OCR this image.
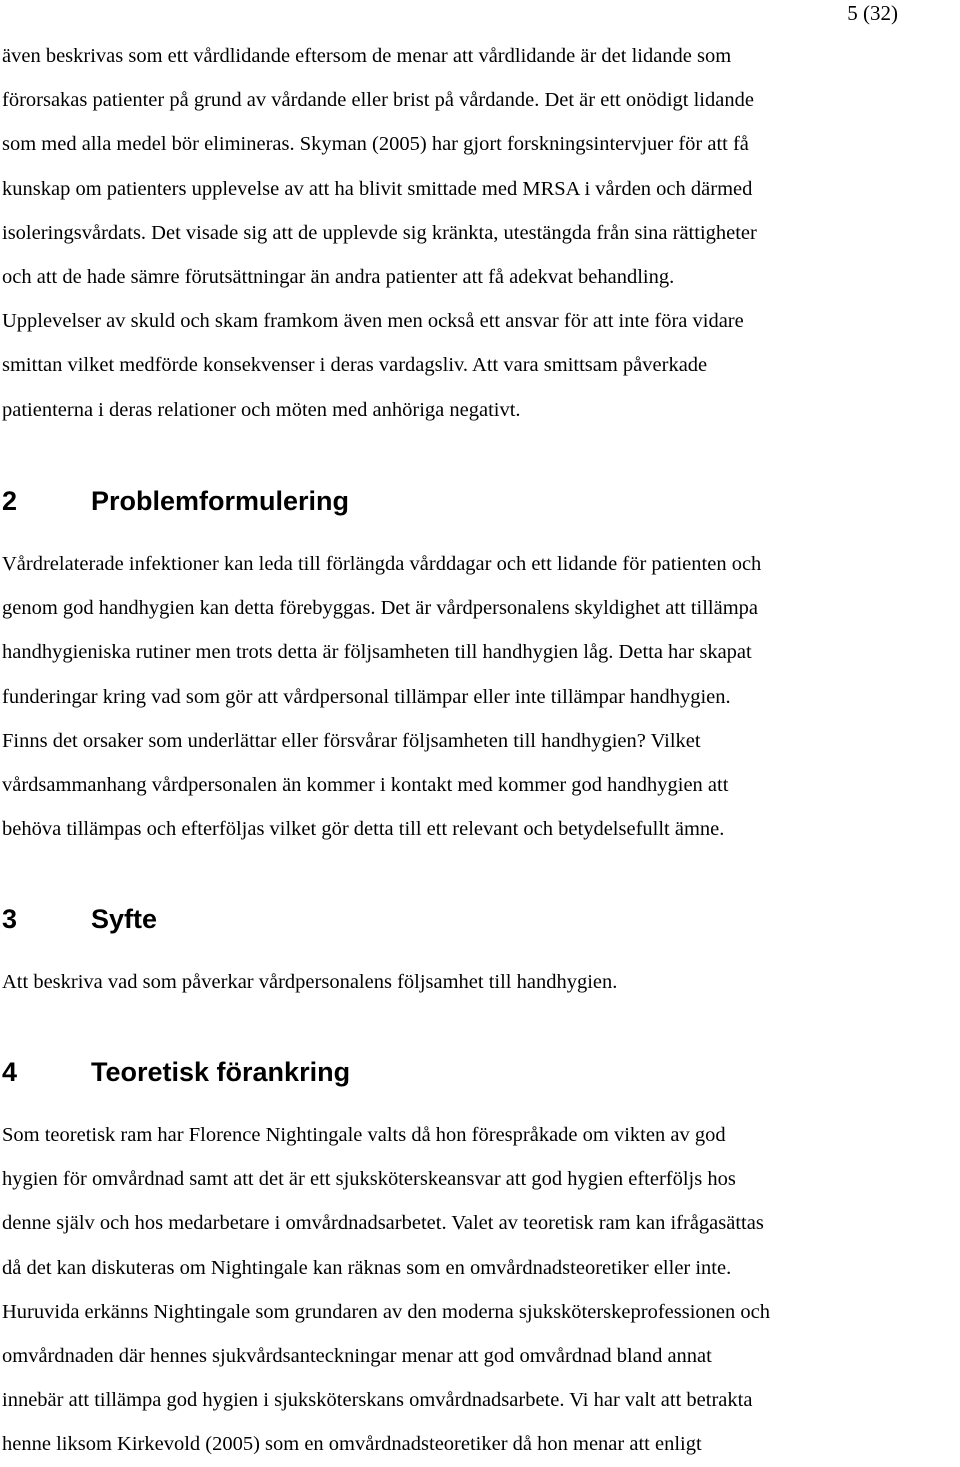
5 (32)

även beskrivas som ett vårdlidande eftersom de menar att vårdlidande är det lidande som
förorsakas patienter på grund av vårdande eller brist på vårdande. Det är ett onödigt lidande
som med alla medel bör elimineras. Skyman (2005) har gjort forskningsintervjuer för att få
kunskap om patienters upplevelse av att ha blivit smittade med MRSA i vården och därmed
isoleringsvårdats. Det visade sig att de upplevde sig kränkta, utestängda från sina rättigheter
och att de hade sämre förutsättningar än andra patienter att få adekvat behandling.
Upplevelser av skuld och skam framkom även men också ett ansvar för att inte föra vidare
smittan vilket medförde konsekvenser i deras vardagsliv. Att vara smittsam påverkade
patienterna i deras relationer och möten med anhöriga negativt.

2	Problemformulering

Vårdrelaterade infektioner kan leda till förlängda vårddagar och ett lidande för patienten och
genom god handhygien kan detta förebyggas. Det är vårdpersonalens skyldighet att tillämpa
handhygieniska rutiner men trots detta är följsamheten till handhygien låg. Detta har skapat
funderingar kring vad som gör att vårdpersonal tillämpar eller inte tillämpar handhygien.
Finns det orsaker som underlättar eller försvårar följsamheten till handhygien? Vilket
vårdsammanhang vårdpersonalen än kommer i kontakt med kommer god handhygien att
behöva tillämpas och efterföljas vilket gör detta till ett relevant och betydelsefullt ämne.

3	Syfte

Att beskriva vad som påverkar vårdpersonalens följsamhet till handhygien.

4	Teoretisk förankring

Som teoretisk ram har Florence Nightingale valts då hon förespråkade om vikten av god
hygien för omvårdnad samt att det är ett sjuksköterskeansvar att god hygien efterföljs hos
denne själv och hos medarbetare i omvårdnadsarbetet. Valet av teoretisk ram kan ifrågasättas
då det kan diskuteras om Nightingale kan räknas som en omvårdnadsteoretiker eller inte.
Huruvida erkänns Nightingale som grundaren av den moderna sjuksköterskeprofessionen och
omvårdnaden där hennes sjukvårdsanteckningar menar att god omvårdnad bland annat
innebär att tillämpa god hygien i sjuksköterskans omvårdnadsarbete. Vi har valt att betrakta
henne liksom Kirkevold (2005) som en omvårdnadsteoretiker då hon menar att enligt
